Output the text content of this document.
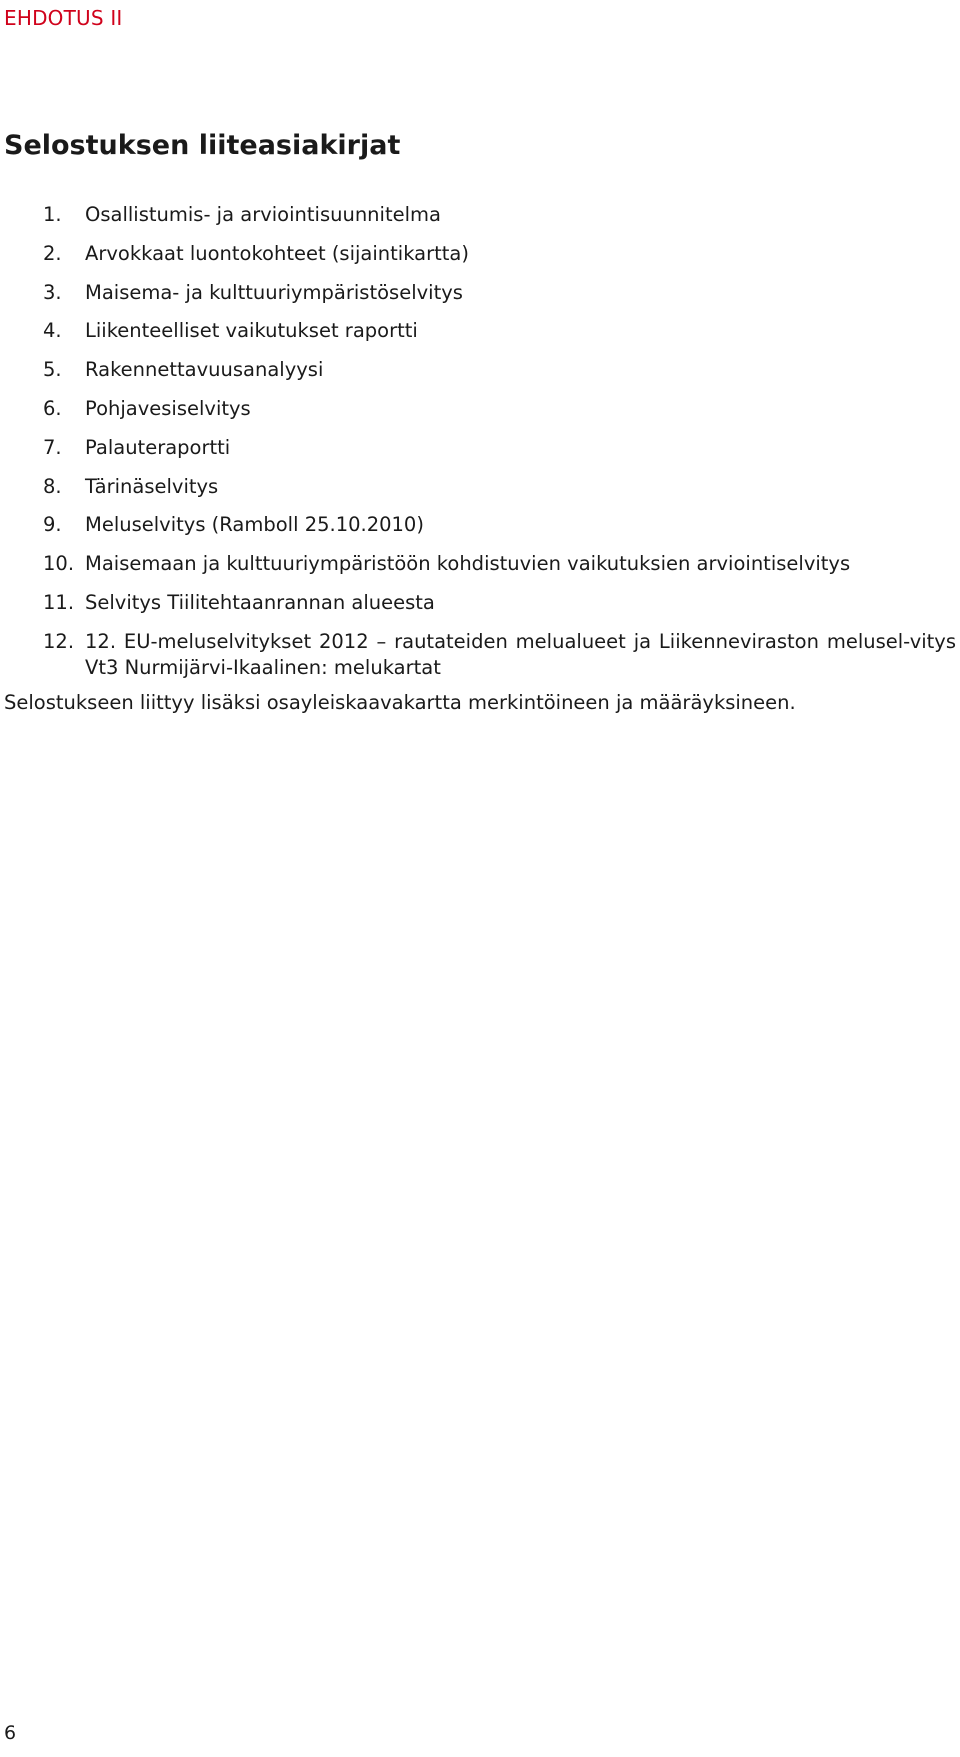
EHDOTUS II
Selostuksen liiteasiakirjat
1.	Osallistumis- ja arviointisuunnitelma
2.	Arvokkaat luontokohteet (sijaintikartta)
3.	Maisema- ja kulttuuriympäristöselvitys
4.	Liikenteelliset vaikutukset raportti
5.	Rakennettavuusanalyysi
6.	Pohjavesiselvitys
7.	Palauteraportti
8.	Tärinäselvitys
9.	Meluselvitys (Ramboll 25.10.2010)
10. Maisemaan ja kulttuuriympäristöön kohdistuvien vaikutuksien arviointiselvitys
11. Selvitys Tiilitehtaanrannan alueesta
12. 12. EU-meluselvitykset 2012 – rautateiden melualueet ja Liikenneviraston melusel-vitys Vt3 Nurmijärvi-Ikaalinen: melukartat

Selostukseen liittyy lisäksi osayleiskaavakartta merkintöineen ja määräyksineen.

6
